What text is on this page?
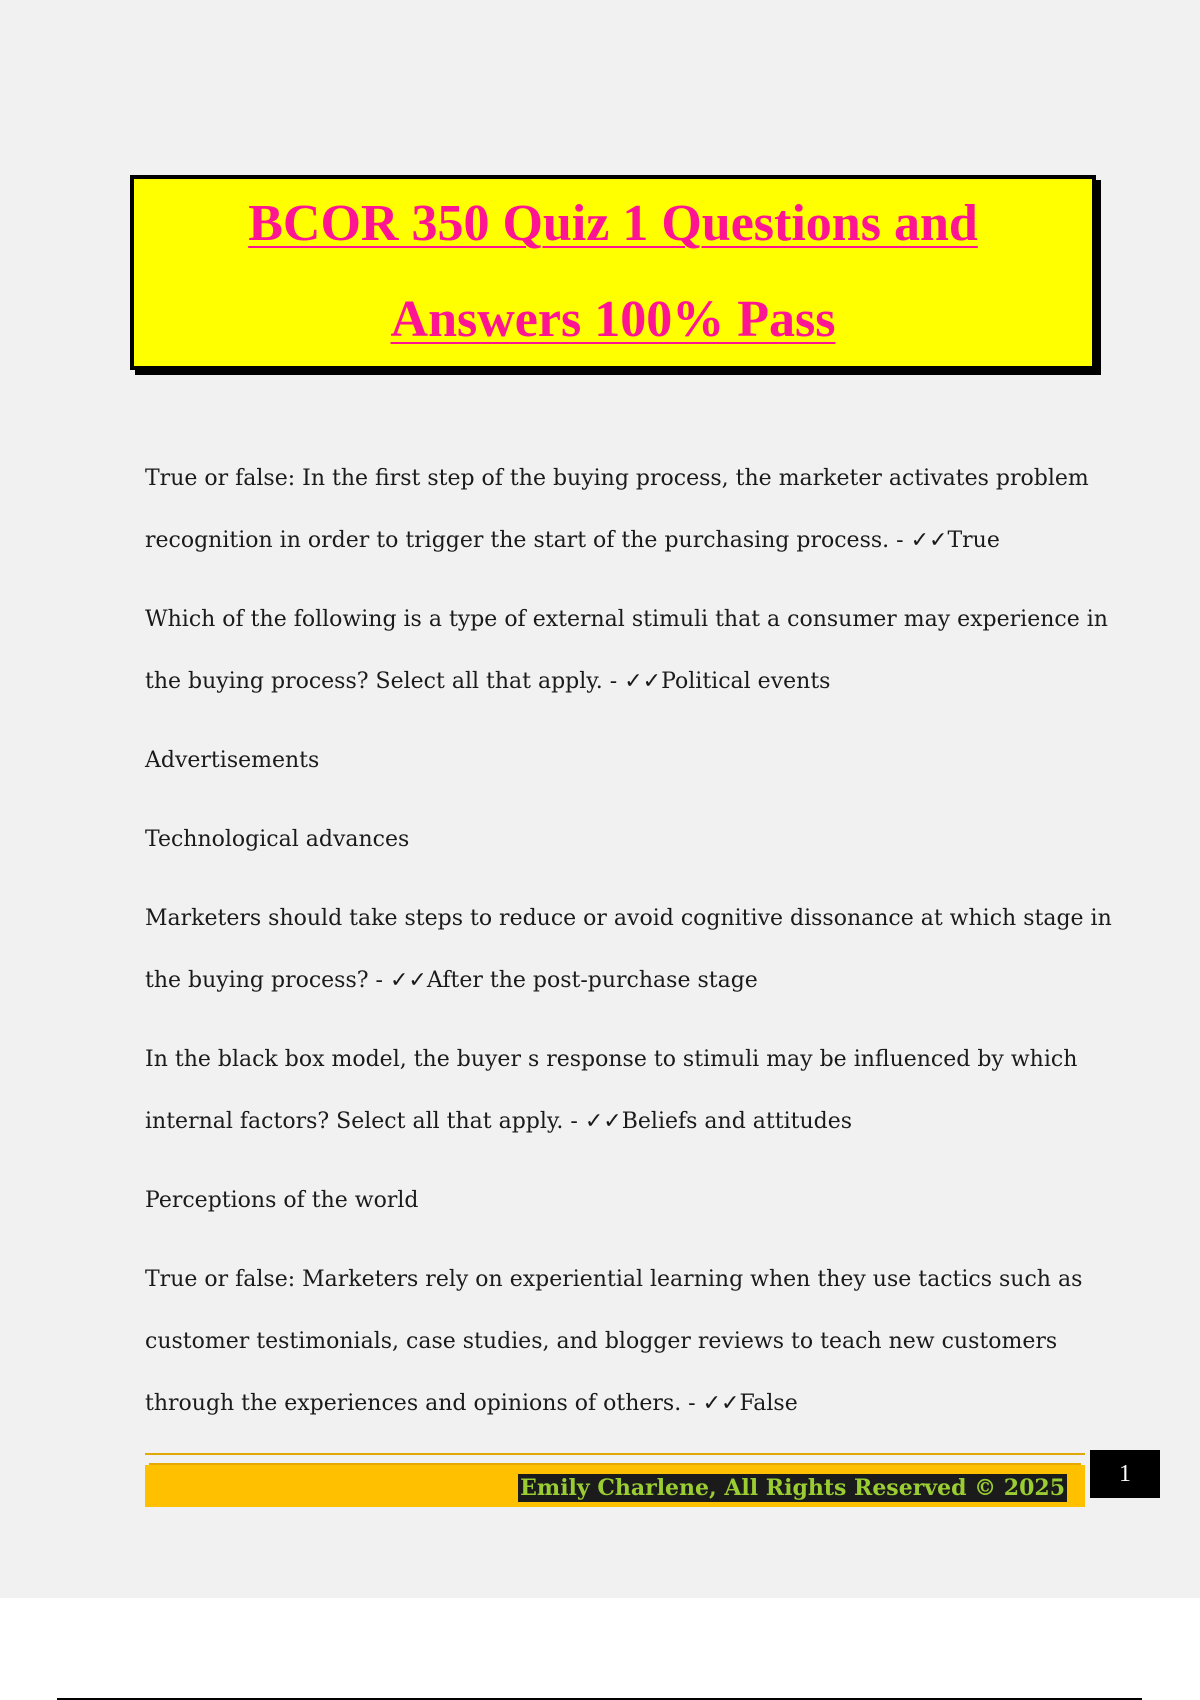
BCOR 350 Quiz 1 Questions and
Answers 100% Pass

True or false: In the first step of the buying process, the marketer activates problem
recognition in order to trigger the start of the purchasing process. - ✓✓True

Which of the following is a type of external stimuli that a consumer may experience in
the buying process? Select all that apply. - ✓✓Political events

Advertisements

Technological advances

Marketers should take steps to reduce or avoid cognitive dissonance at which stage in
the buying process? - ✓✓After the post-purchase stage

In the black box model, the buyer s response to stimuli may be influenced by which
internal factors? Select all that apply. - ✓✓Beliefs and attitudes

Perceptions of the world

True or false: Marketers rely on experiential learning when they use tactics such as
customer testimonials, case studies, and blogger reviews to teach new customers
through the experiences and opinions of others. - ✓✓False

Emily Charlene, All Rights Reserved © 2025
1
